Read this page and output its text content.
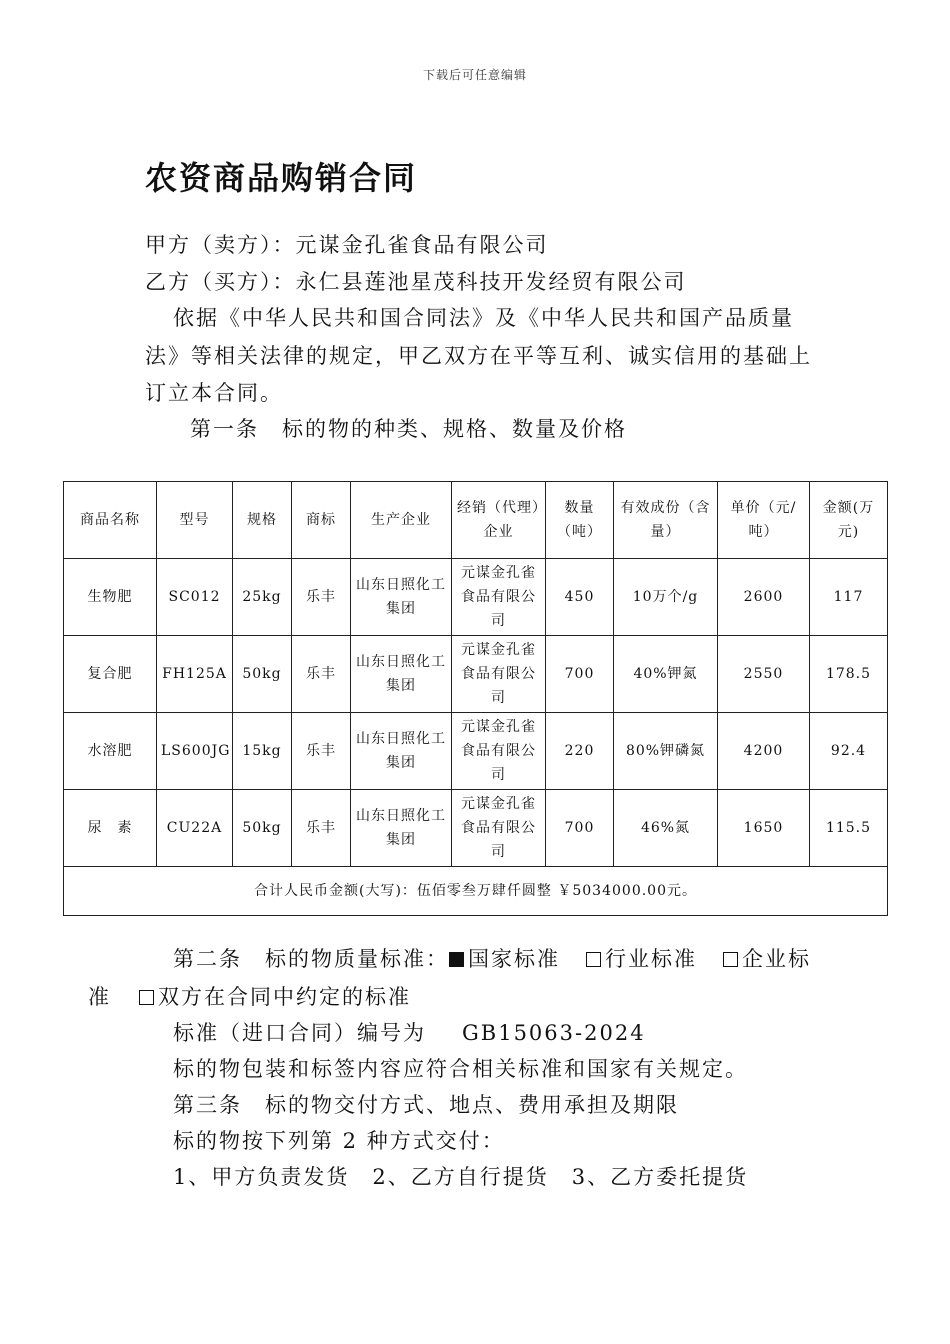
下载后可任意编辑
农资商品购销合同
甲方（卖方）：元谋金孔雀食品有限公司
乙方（买方）：永仁县莲池星茂科技开发经贸有限公司
依据《中华人民共和国合同法》及《中华人民共和国产品质量
法》等相关法律的规定，甲乙双方在平等互利、诚实信用的基础上
订立本合同。
第一条　标的物的种类、规格、数量及价格
商品名称	型号	规格	商标	生产企业	经销（代理）企业	数量（吨）	有效成份（含量）	单价（元/吨）	金额(万元)
生物肥	SC012	25kg	乐丰	山东日照化工集团	元谋金孔雀食品有限公司	450	10万个/g	2600	117
复合肥	FH125A	50kg	乐丰	山东日照化工集团	元谋金孔雀食品有限公司	700	40%钾氮	2550	178.5
水溶肥	LS600JG	15kg	乐丰	山东日照化工集团	元谋金孔雀食品有限公司	220	80%钾磷氮	4200	92.4
尿　素	CU22A	50kg	乐丰	山东日照化工集团	元谋金孔雀食品有限公司	700	46%氮	1650	115.5
合计人民币金额(大写)：伍佰零叁万肆仟圆整 ￥5034000.00元。									
第二条　标的物质量标准： 国家标准 行业标准 企业标
准 双方在合同中约定的标准
标准（进口合同）编号为 GB15063-2024
标的物包装和标签内容应符合相关标准和国家有关规定。
第三条　标的物交付方式、地点、费用承担及期限
标的物按下列第 2 种方式交付：
1、甲方负责发货　2、乙方自行提货　3、乙方委托提货
